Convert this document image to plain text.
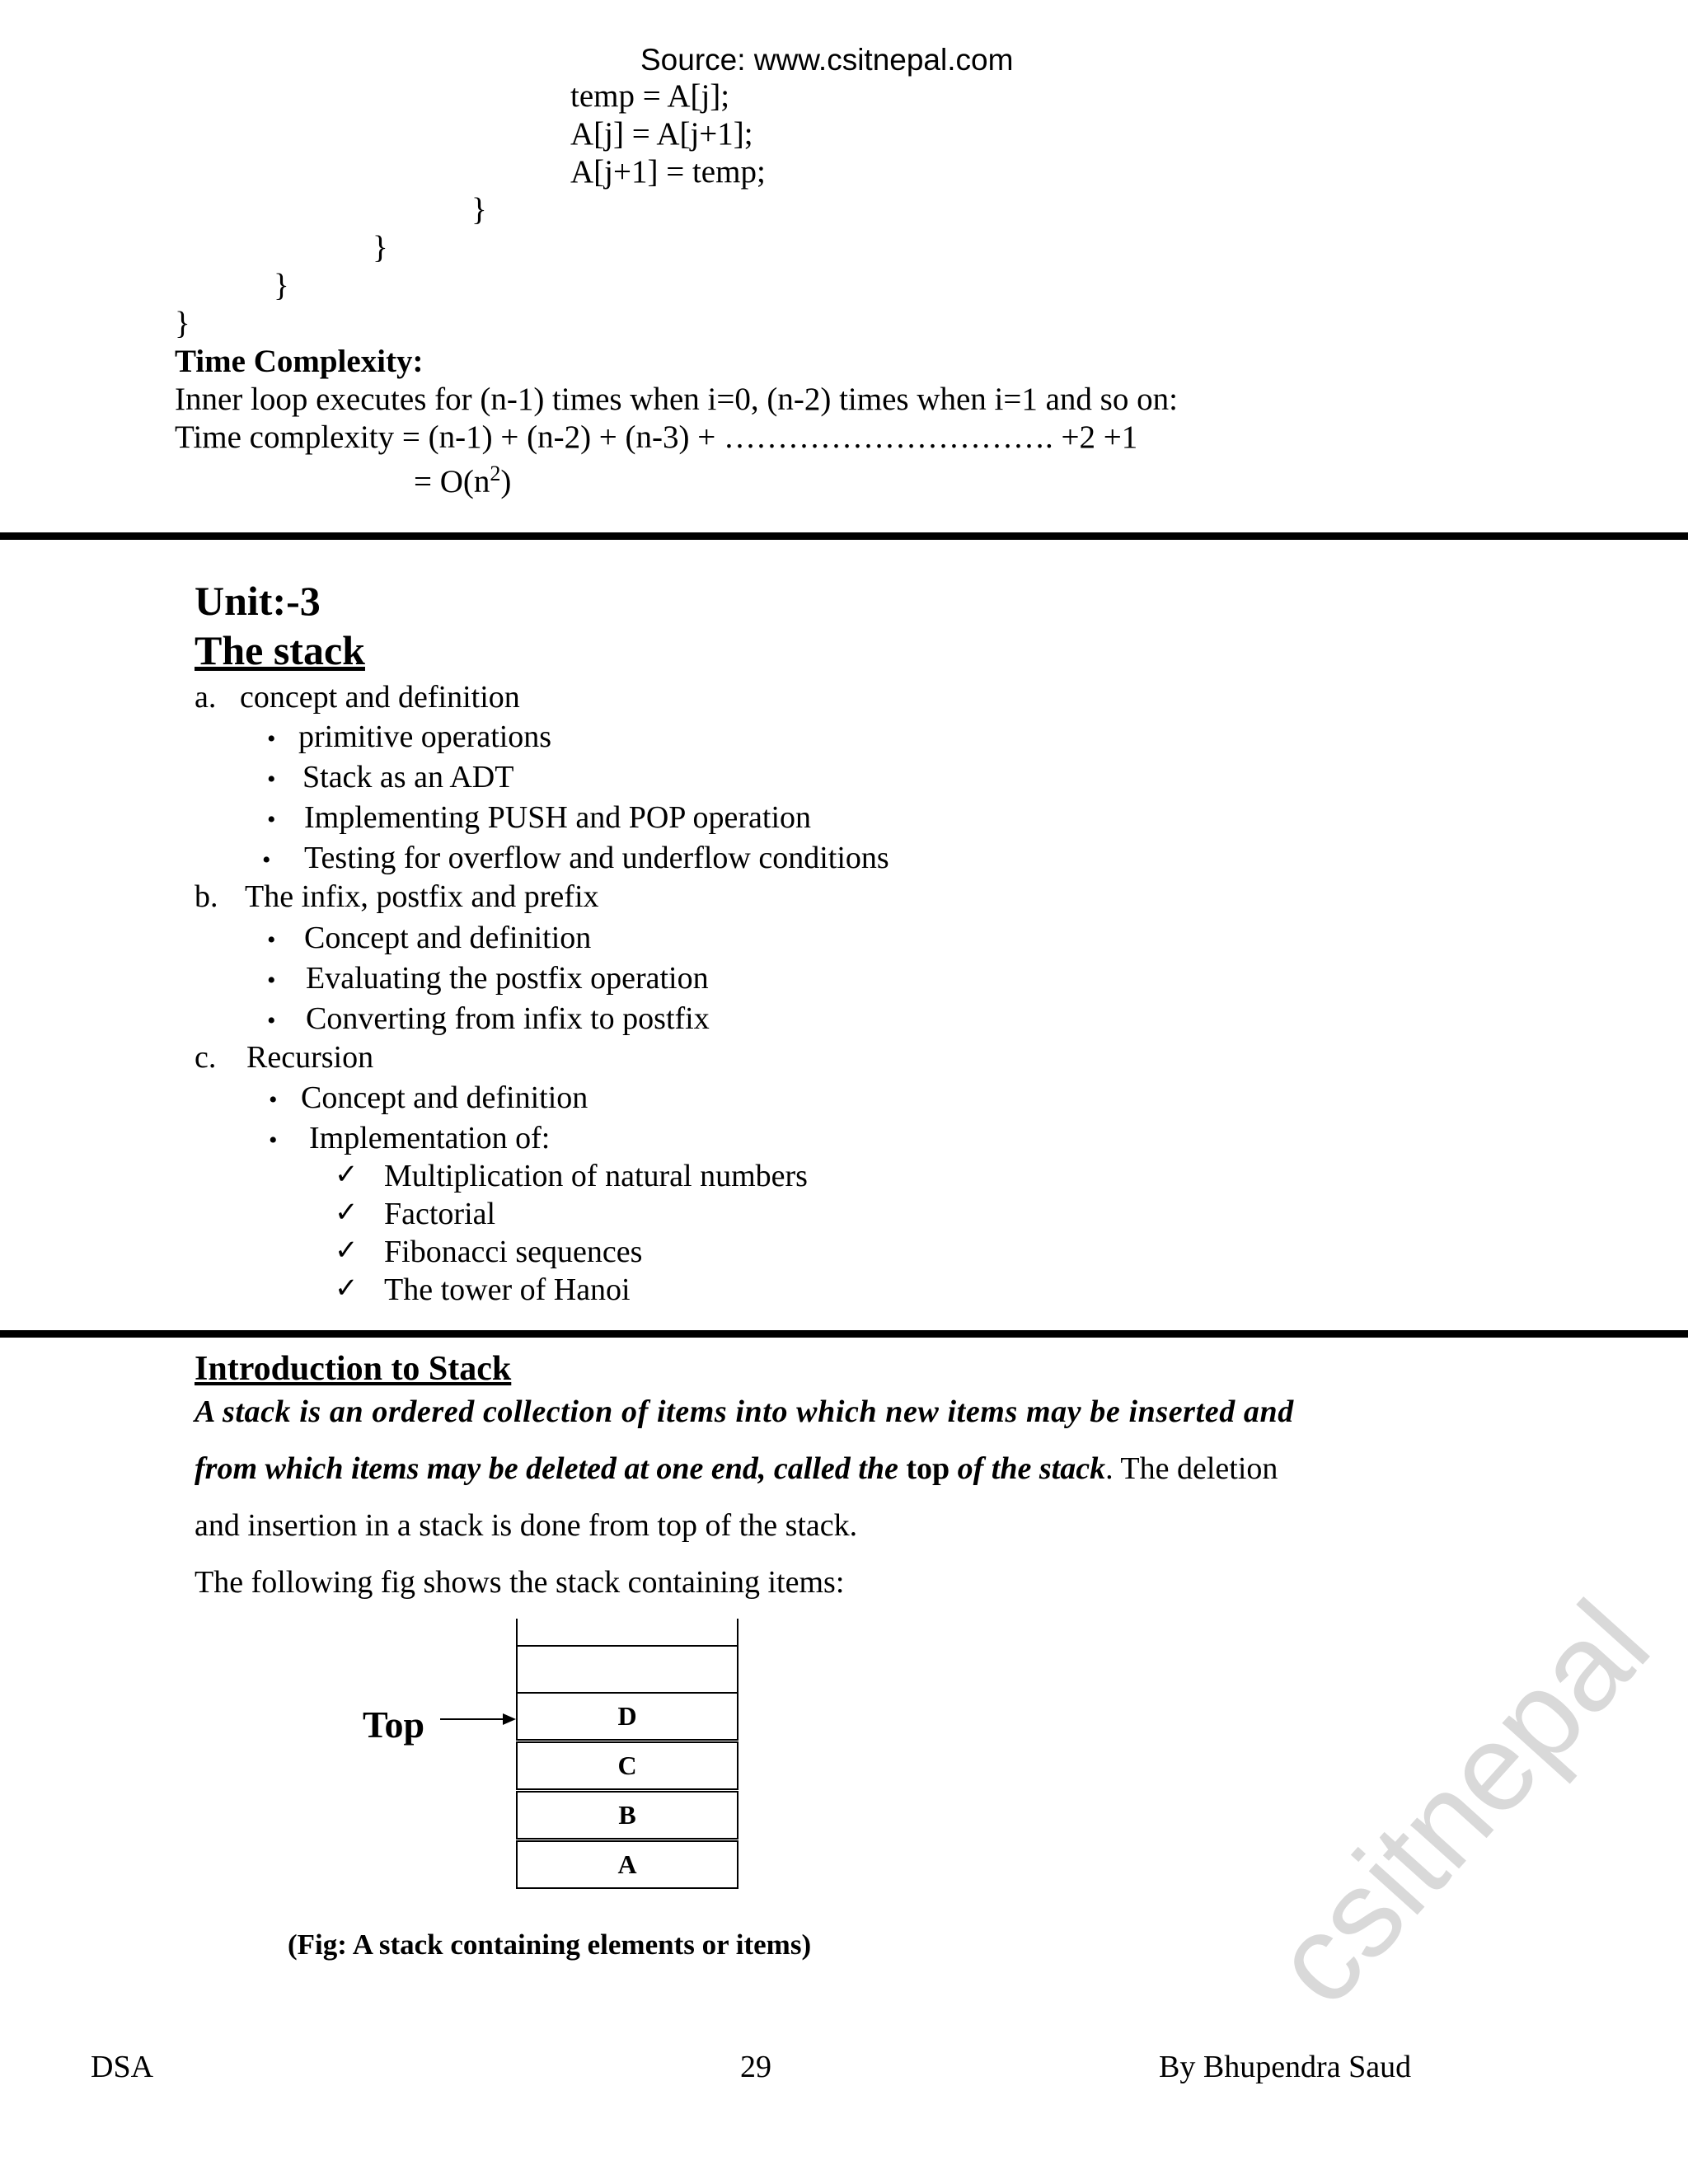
Source: www.csitnepal.com
temp = A[j];
A[j] = A[j+1];
A[j+1] = temp;
}
}
}
}
Time Complexity:
Inner loop executes for (n-1) times when i=0, (n-2) times when i=1 and so on:
Time complexity = (n-1) + (n-2) + (n-3) + …………………………. +2 +1
= $O(n^2)$
Unit:-3
The stack
a. concept and definition
• primitive operations
• Stack as an ADT
• Implementing PUSH and POP operation
• Testing for overflow and underflow conditions
b. The infix, postfix and prefix
• Concept and definition
• Evaluating the postfix operation
• Converting from infix to postfix
c. Recursion
• Concept and definition
• Implementation of:
✓ Multiplication of natural numbers
✓ Factorial
✓ Fibonacci sequences
✓ The tower of Hanoi
Introduction to Stack
A stack is an ordered collection of items into which new items may be inserted and
from which items may be deleted at one end, called the top of the stack. The deletion
and insertion in a stack is done from top of the stack.
The following fig shows the stack containing items:
D
C
B
A
Top
(Fig: A stack containing elements or items)
DSA	29	By Bhupendra Saud
csitnepal
